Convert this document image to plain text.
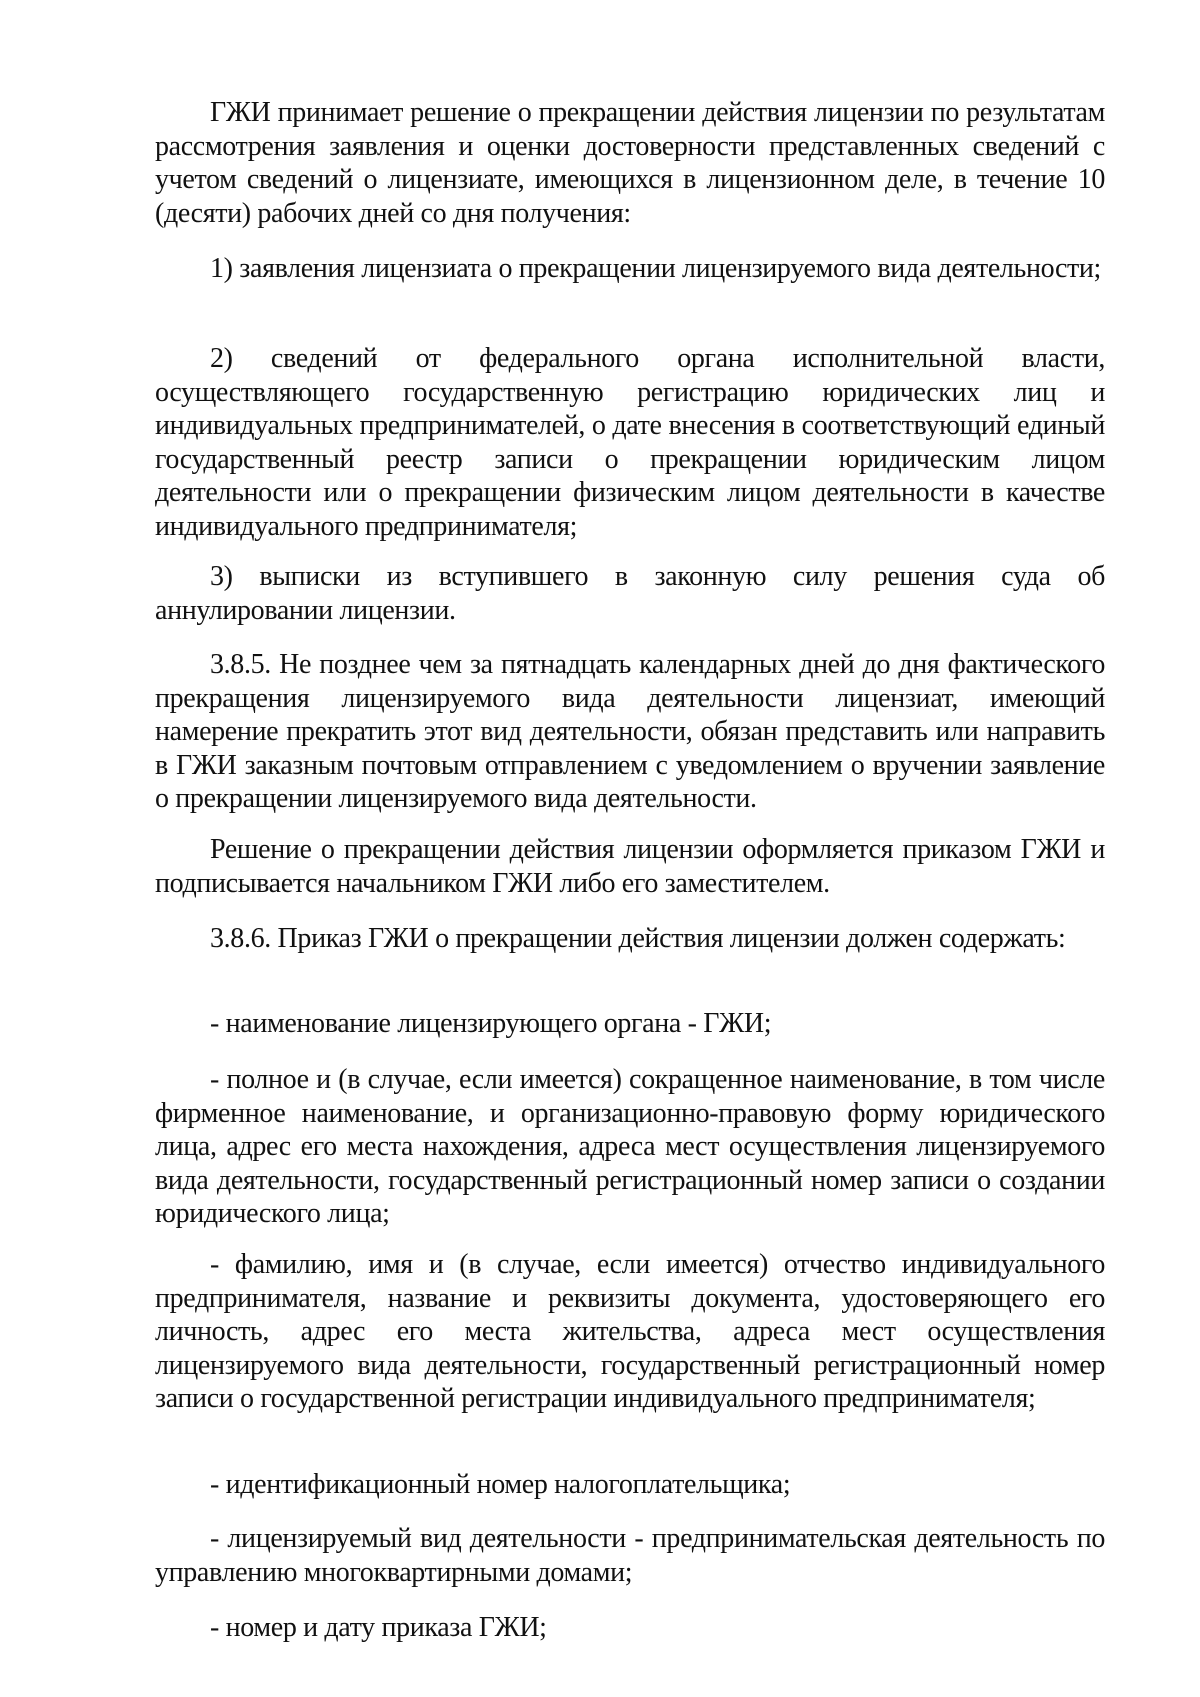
ГЖИ принимает решение о прекращении действия лицензии по результатам рассмотрения заявления и оценки достоверности представленных сведений с учетом сведений о лицензиате, имеющихся в лицензионном деле, в течение 10 (десяти) рабочих дней со дня получения:

1) заявления лицензиата о прекращении лицензируемого вида деятельности;

2) сведений от федерального органа исполнительной власти, осуществляющего государственную регистрацию юридических лиц и индивидуальных предпринимателей, о дате внесения в соответствующий единый государственный реестр записи о прекращении юридическим лицом деятельности или о прекращении физическим лицом деятельности в качестве индивидуального предпринимателя;

3) выписки из вступившего в законную силу решения суда об аннулировании лицензии.

3.8.5. Не позднее чем за пятнадцать календарных дней до дня фактического прекращения лицензируемого вида деятельности лицензиат, имеющий намерение прекратить этот вид деятельности, обязан представить или направить в ГЖИ заказным почтовым отправлением с уведомлением о вручении заявление о прекращении лицензируемого вида деятельности.

Решение о прекращении действия лицензии оформляется приказом ГЖИ и подписывается начальником ГЖИ либо его заместителем.

3.8.6. Приказ ГЖИ о прекращении действия лицензии должен содержать:

- наименование лицензирующего органа - ГЖИ;

- полное и (в случае, если имеется) сокращенное наименование, в том числе фирменное наименование, и организационно-правовую форму юридического лица, адрес его места нахождения, адреса мест осуществления лицензируемого вида деятельности, государственный регистрационный номер записи о создании юридического лица;

- фамилию, имя и (в случае, если имеется) отчество индивидуального предпринимателя, название и реквизиты документа, удостоверяющего его личность, адрес его места жительства, адреса мест осуществления лицензируемого вида деятельности, государственный регистрационный номер записи о государственной регистрации индивидуального предпринимателя;

- идентификационный номер налогоплательщика;

- лицензируемый вид деятельности - предпринимательская деятельность по управлению многоквартирными домами;

- номер и дату приказа ГЖИ;
